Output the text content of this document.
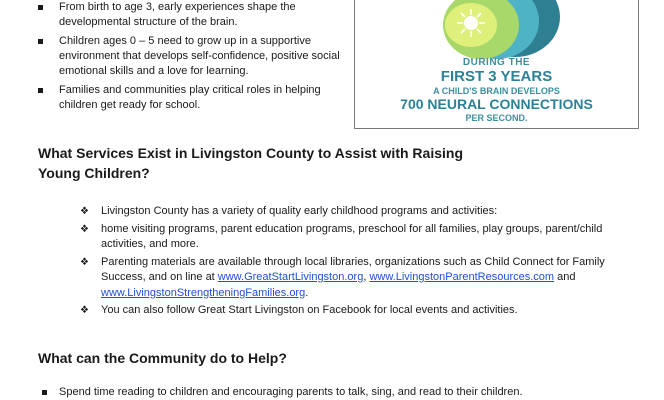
From birth to age 3, early experiences shape the developmental structure of the brain.
Children ages 0 – 5 need to grow up in a supportive environment that develops self-confidence, positive social emotional skills and a love for learning.
Families and communities play critical roles in helping children get ready for school.
DURING THE
FIRST 3 YEARS
A CHILD'S BRAIN DEVELOPS
700 NEURAL CONNECTIONS
PER SECOND.
What Services Exist in Livingston County to Assist with Raising Young Children?
❖ Livingston County has a variety of quality early childhood programs and activities:
❖ home visiting programs, parent education programs, preschool for all families, play groups, parent/child activities, and more.
❖ Parenting materials are available through local libraries, organizations such as Child Connect for Family Success, and on line at www.GreatStartLivingston.org, www.LivingstonParentResources.com and www.LivingstonStrengtheningFamilies.org.
❖ You can also follow Great Start Livingston on Facebook for local events and activities.
What can the Community do to Help?
Spend time reading to children and encouraging parents to talk, sing, and read to their children.
